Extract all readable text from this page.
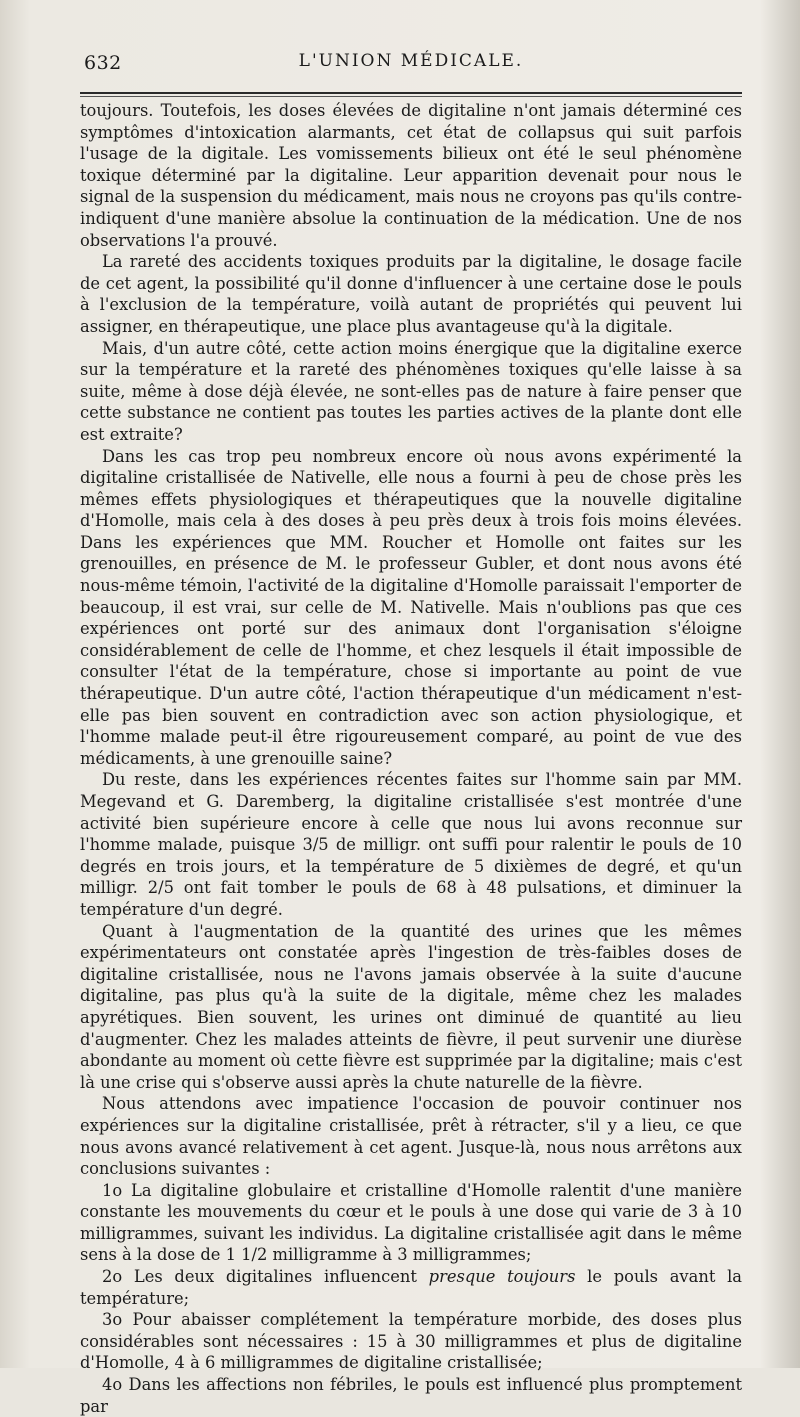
632	L'UNION MÉDICALE.

toujours. Toutefois, les doses élevées de digitaline n'ont jamais déterminé ces symptômes d'intoxication alarmants, cet état de collapsus qui suit parfois l'usage de la digitale. Les vomissements bilieux ont été le seul phénomène toxique déterminé par la digitaline. Leur apparition devenait pour nous le signal de la suspension du médicament, mais nous ne croyons pas qu'ils contre-indiquent d'une manière absolue la continuation de la médication. Une de nos observations l'a prouvé.

La rareté des accidents toxiques produits par la digitaline, le dosage facile de cet agent, la possibilité qu'il donne d'influencer à une certaine dose le pouls à l'exclusion de la température, voilà autant de propriétés qui peuvent lui assigner, en thérapeutique, une place plus avantageuse qu'à la digitale.

Mais, d'un autre côté, cette action moins énergique que la digitaline exerce sur la température et la rareté des phénomènes toxiques qu'elle laisse à sa suite, même à dose déjà élevée, ne sont-elles pas de nature à faire penser que cette substance ne contient pas toutes les parties actives de la plante dont elle est extraite?

Dans les cas trop peu nombreux encore où nous avons expérimenté la digitaline cristallisée de Nativelle, elle nous a fourni à peu de chose près les mêmes effets physiologiques et thérapeutiques que la nouvelle digitaline d'Homolle, mais cela à des doses à peu près deux à trois fois moins élevées. Dans les expériences que MM. Roucher et Homolle ont faites sur les grenouilles, en présence de M. le professeur Gubler, et dont nous avons été nous-même témoin, l'activité de la digitaline d'Homolle paraissait l'emporter de beaucoup, il est vrai, sur celle de M. Nativelle. Mais n'oublions pas que ces expériences ont porté sur des animaux dont l'organisation s'éloigne considérablement de celle de l'homme, et chez lesquels il était impossible de consulter l'état de la température, chose si importante au point de vue thérapeutique. D'un autre côté, l'action thérapeutique d'un médicament n'est-elle pas bien souvent en contradiction avec son action physiologique, et l'homme malade peut-il être rigoureusement comparé, au point de vue des médicaments, à une grenouille saine?

Du reste, dans les expériences récentes faites sur l'homme sain par MM. Megevand et G. Daremberg, la digitaline cristallisée s'est montrée d'une activité bien supérieure encore à celle que nous lui avons reconnue sur l'homme malade, puisque 3/5 de milligr. ont suffi pour ralentir le pouls de 10 degrés en trois jours, et la température de 5 dixièmes de degré, et qu'un milligr. 2/5 ont fait tomber le pouls de 68 à 48 pulsations, et diminuer la température d'un degré.

Quant à l'augmentation de la quantité des urines que les mêmes expérimentateurs ont constatée après l'ingestion de très-faibles doses de digitaline cristallisée, nous ne l'avons jamais observée à la suite d'aucune digitaline, pas plus qu'à la suite de la digitale, même chez les malades apyrétiques. Bien souvent, les urines ont diminué de quantité au lieu d'augmenter. Chez les malades atteints de fièvre, il peut survenir une diurèse abondante au moment où cette fièvre est supprimée par la digitaline; mais c'est là une crise qui s'observe aussi après la chute naturelle de la fièvre.

Nous attendons avec impatience l'occasion de pouvoir continuer nos expériences sur la digitaline cristallisée, prêt à rétracter, s'il y a lieu, ce que nous avons avancé relativement à cet agent. Jusque-là, nous nous arrêtons aux conclusions suivantes :

1o La digitaline globulaire et cristalline d'Homolle ralentit d'une manière constante les mouvements du cœur et le pouls à une dose qui varie de 3 à 10 milligrammes, suivant les individus. La digitaline cristallisée agit dans le même sens à la dose de 1 1/2 milligramme à 3 milligrammes;

2o Les deux digitalines influencent presque toujours le pouls avant la température;

3o Pour abaisser complétement la température morbide, des doses plus considérables sont nécessaires : 15 à 30 milligrammes et plus de digitaline d'Homolle, 4 à 6 milligrammes de digitaline cristallisée;

4o Dans les affections non fébriles, le pouls est influencé plus promptement par
